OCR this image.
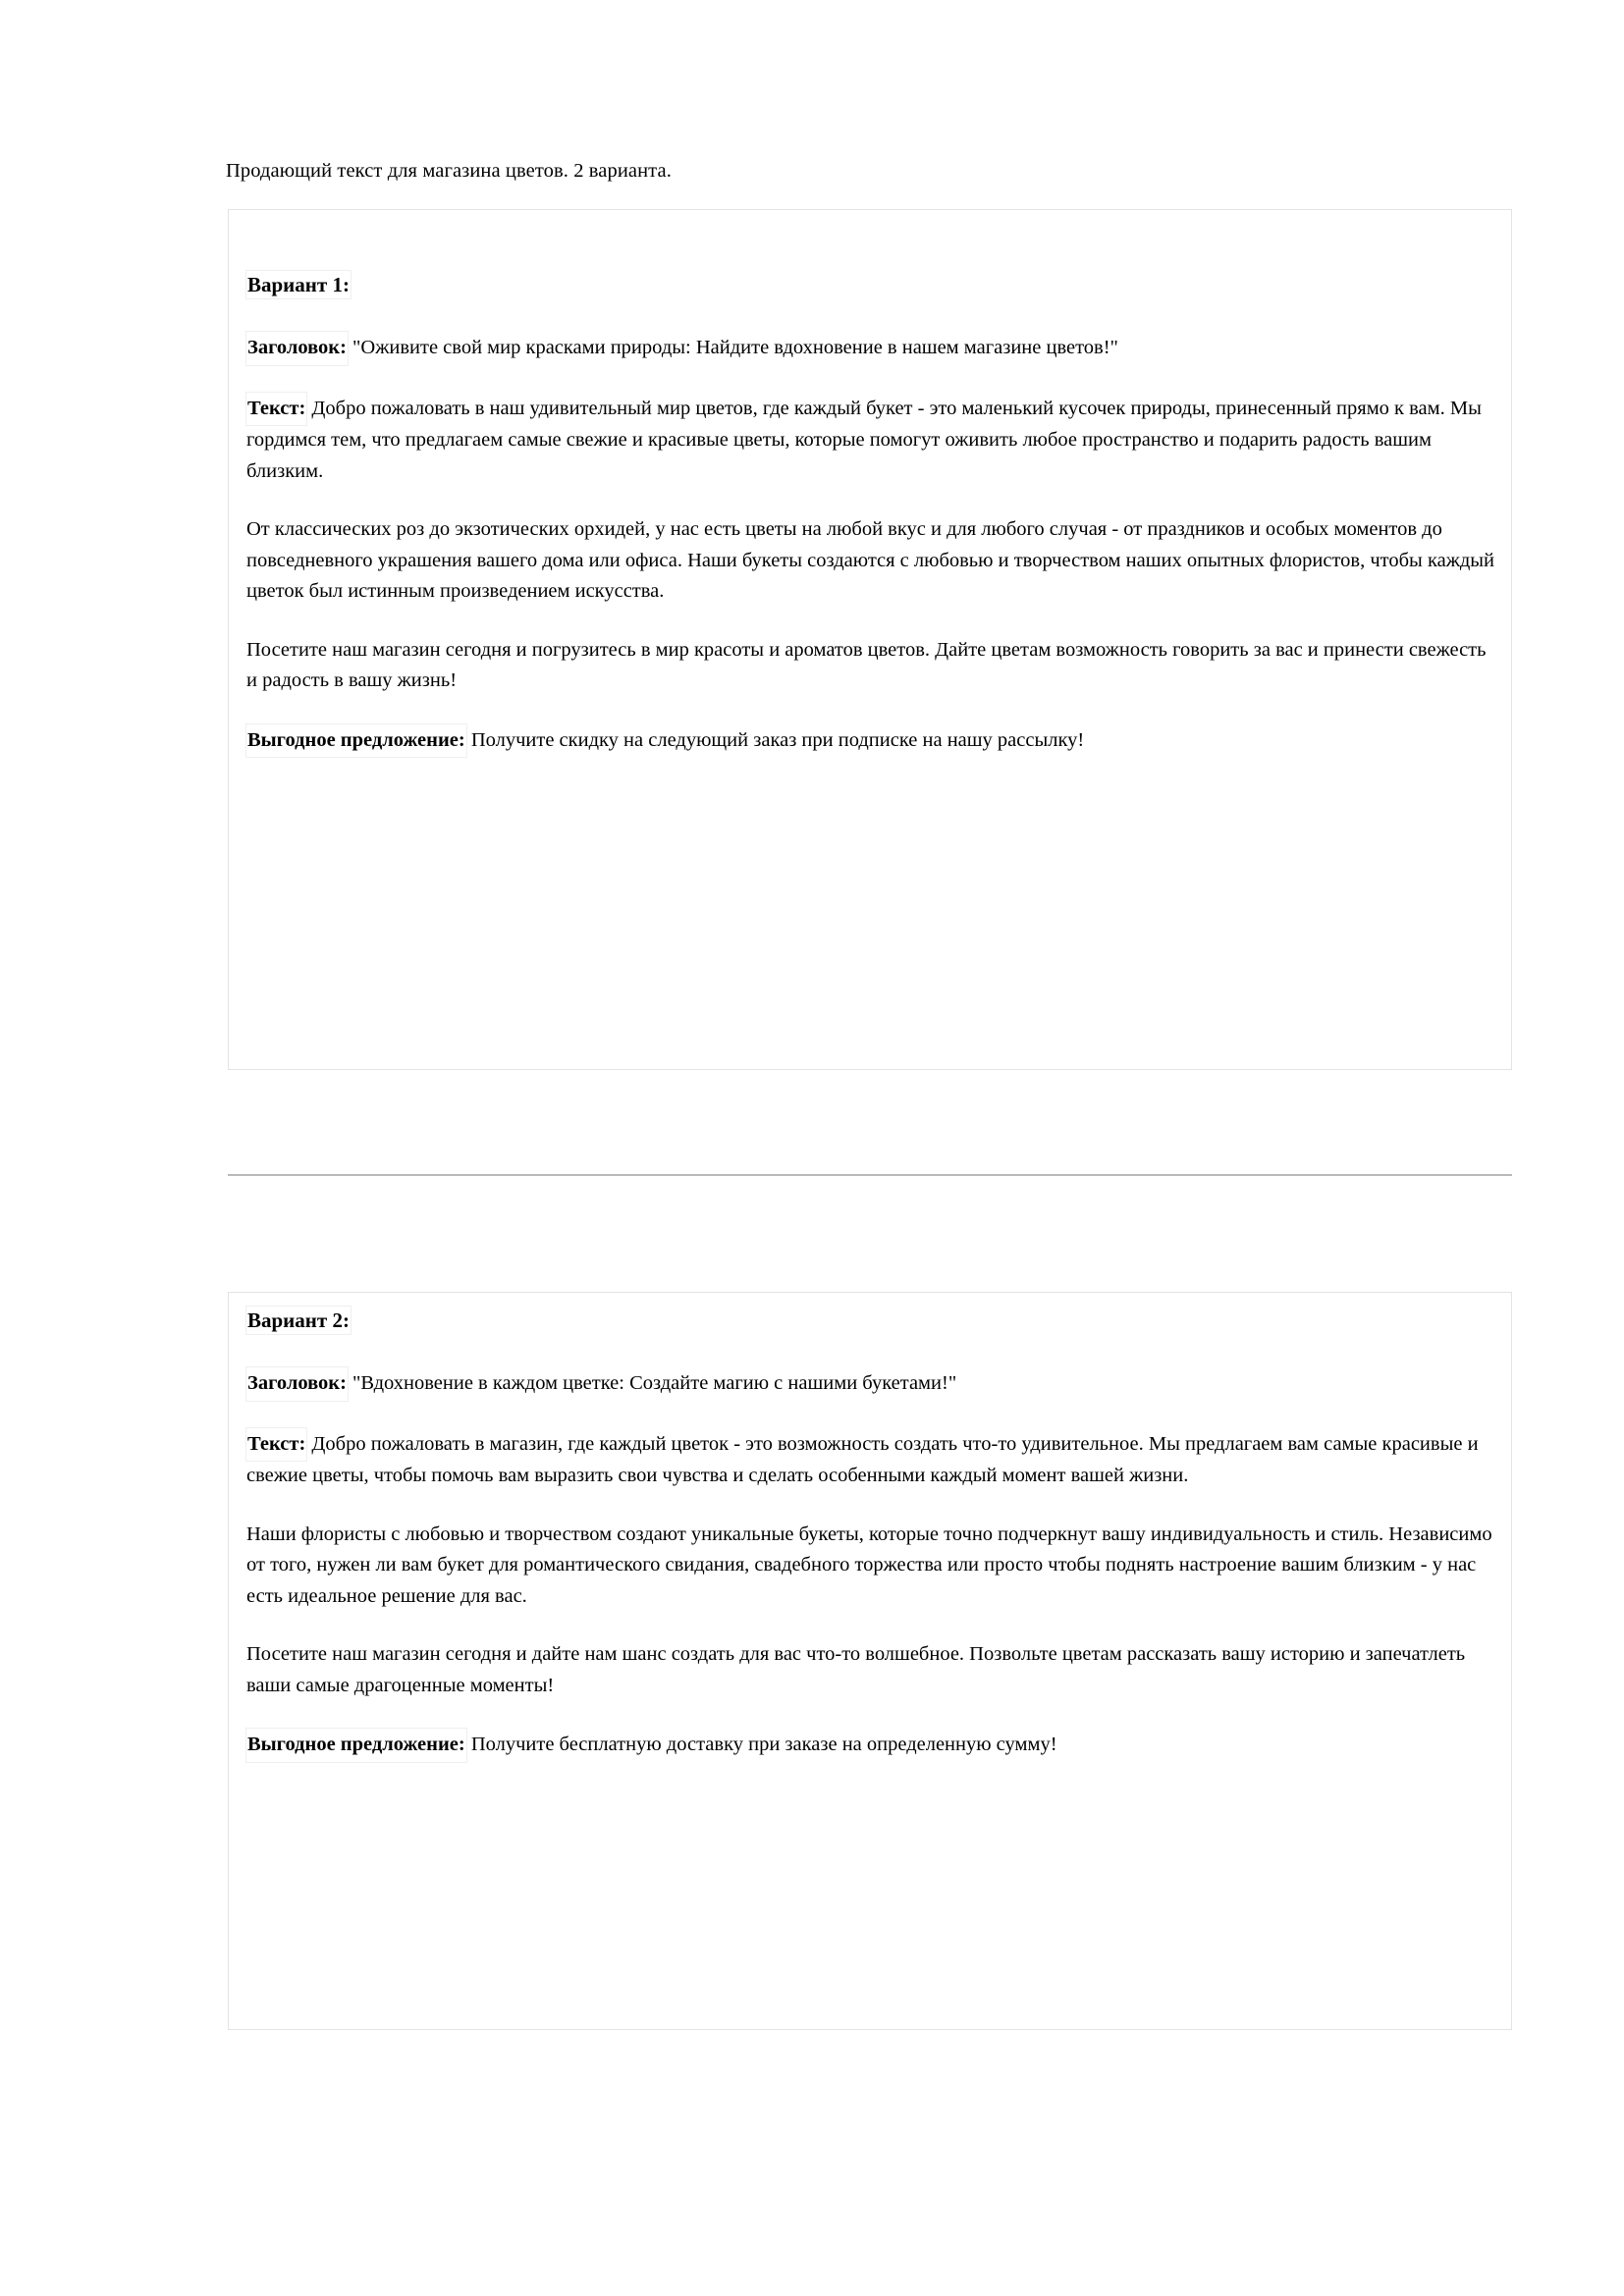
Продающий текст для магазина цветов. 2 варианта.
Вариант 1:

Заголовок: "Оживите свой мир красками природы: Найдите вдохновение в нашем магазине цветов!"

Текст: Добро пожаловать в наш удивительный мир цветов, где каждый букет - это маленький кусочек природы, принесенный прямо к вам. Мы гордимся тем, что предлагаем самые свежие и красивые цветы, которые помогут оживить любое пространство и подарить радость вашим близким.

От классических роз до экзотических орхидей, у нас есть цветы на любой вкус и для любого случая - от праздников и особых моментов до повседневного украшения вашего дома или офиса. Наши букеты создаются с любовью и творчеством наших опытных флористов, чтобы каждый цветок был истинным произведением искусства.

Посетите наш магазин сегодня и погрузитесь в мир красоты и ароматов цветов. Дайте цветам возможность говорить за вас и принести свежесть и радость в вашу жизнь!

Выгодное предложение: Получите скидку на следующий заказ при подписке на нашу рассылку!

Вариант 2:

Заголовок: "Вдохновение в каждом цветке: Создайте магию с нашими букетами!"

Текст: Добро пожаловать в магазин, где каждый цветок - это возможность создать что-то удивительное. Мы предлагаем вам самые красивые и свежие цветы, чтобы помочь вам выразить свои чувства и сделать особенными каждый момент вашей жизни.

Наши флористы с любовью и творчеством создают уникальные букеты, которые точно подчеркнут вашу индивидуальность и стиль. Независимо от того, нужен ли вам букет для романтического свидания, свадебного торжества или просто чтобы поднять настроение вашим близким - у нас есть идеальное решение для вас.

Посетите наш магазин сегодня и дайте нам шанс создать для вас что-то волшебное. Позвольте цветам рассказать вашу историю и запечатлеть ваши самые драгоценные моменты!

Выгодное предложение: Получите бесплатную доставку при заказе на определенную сумму!
